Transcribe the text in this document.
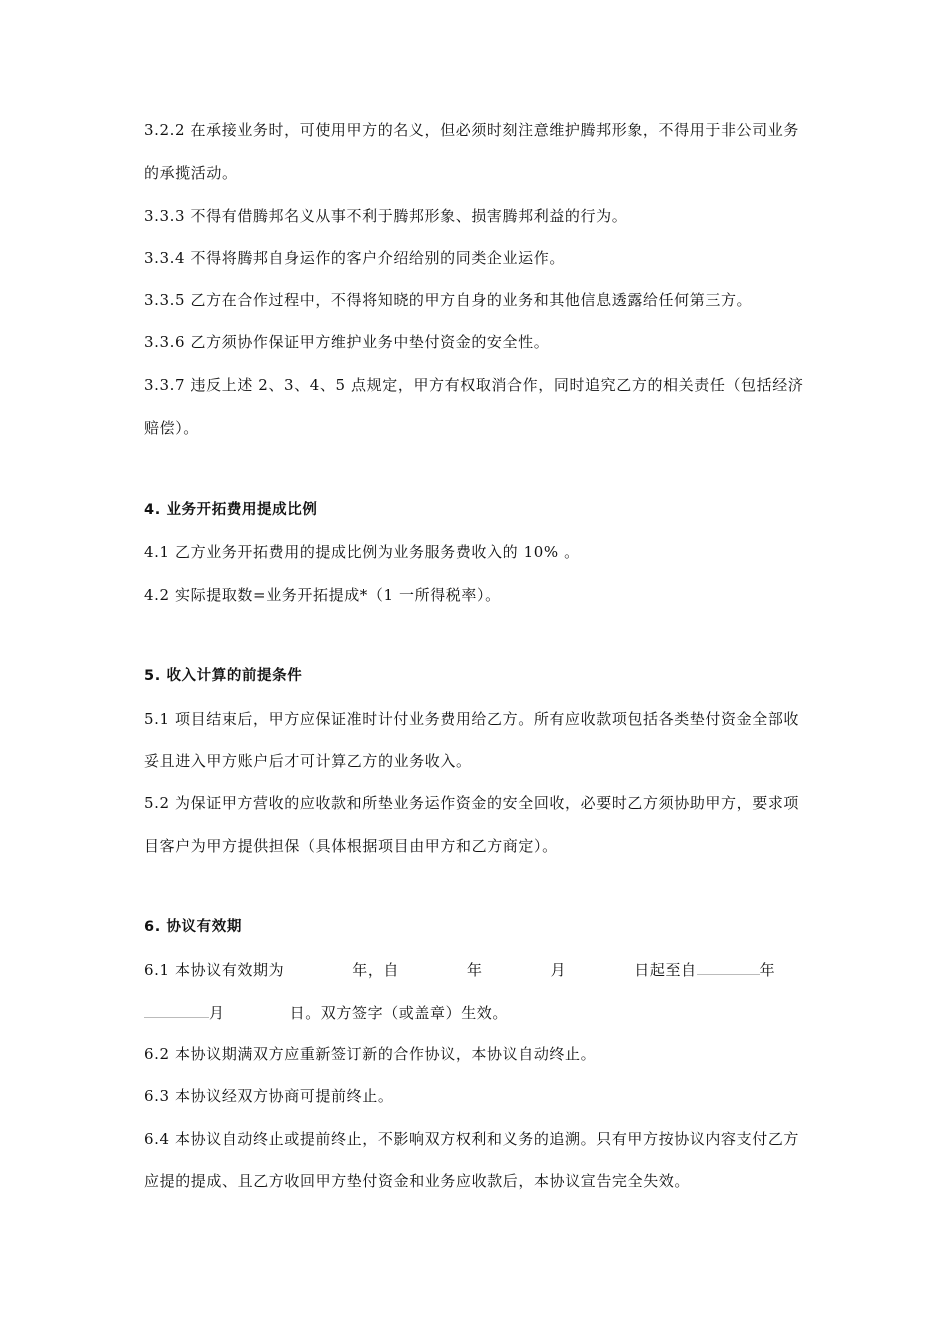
3.2.2 在承接业务时，可使用甲方的名义，但必须时刻注意维护腾邦形象，不得用于非公司业务
的承揽活动。
3.3.3 不得有借腾邦名义从事不利于腾邦形象、损害腾邦利益的行为。
3.3.4 不得将腾邦自身运作的客户介绍给别的同类企业运作。
3.3.5 乙方在合作过程中，不得将知晓的甲方自身的业务和其他信息透露给任何第三方。
3.3.6 乙方须协作保证甲方维护业务中垫付资金的安全性。
3.3.7 违反上述 2、3、4、5 点规定，甲方有权取消合作，同时追究乙方的相关责任（包括经济
赔偿）。
4. 业务开拓费用提成比例
4.1 乙方业务开拓费用的提成比例为业务服务费收入的 10% 。
4.2 实际提取数=业务开拓提成*（1 一所得税率）。
5. 收入计算的前提条件
5.1 项目结束后，甲方应保证准时计付业务费用给乙方。所有应收款项包括各类垫付资金全部收
妥且进入甲方账户后才可计算乙方的业务收入。
5.2 为保证甲方营收的应收款和所垫业务运作资金的安全回收，必要时乙方须协助甲方，要求项
目客户为甲方提供担保（具体根据项目由甲方和乙方商定）。
6. 协议有效期
6.1 本协议有效期为	年，自	年	月	日起至自	年
月	日。双方签字（或盖章）生效。
6.2 本协议期满双方应重新签订新的合作协议，本协议自动终止。
6.3 本协议经双方协商可提前终止。
6.4 本协议自动终止或提前终止，不影响双方权利和义务的追溯。只有甲方按协议内容支付乙方
应提的提成、且乙方收回甲方垫付资金和业务应收款后，本协议宣告完全失效。
